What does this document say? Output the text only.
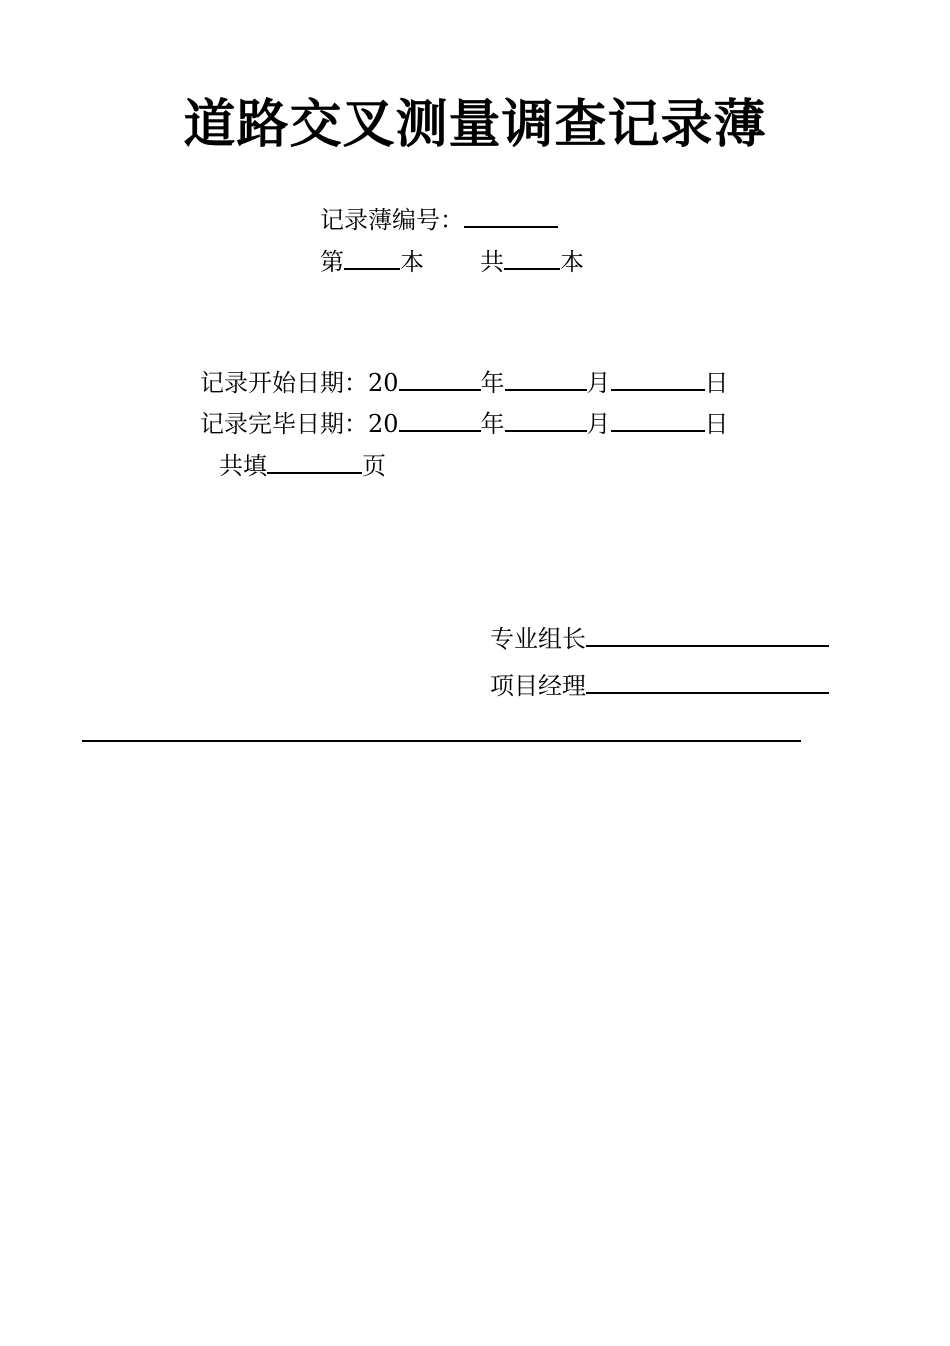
道路交叉测量调查记录薄
记录薄编号：
第 本 共 本
记录开始日期：20	年	月	日
记录完毕日期：20	年	月	日
共填	页
专业组长
项目经理
